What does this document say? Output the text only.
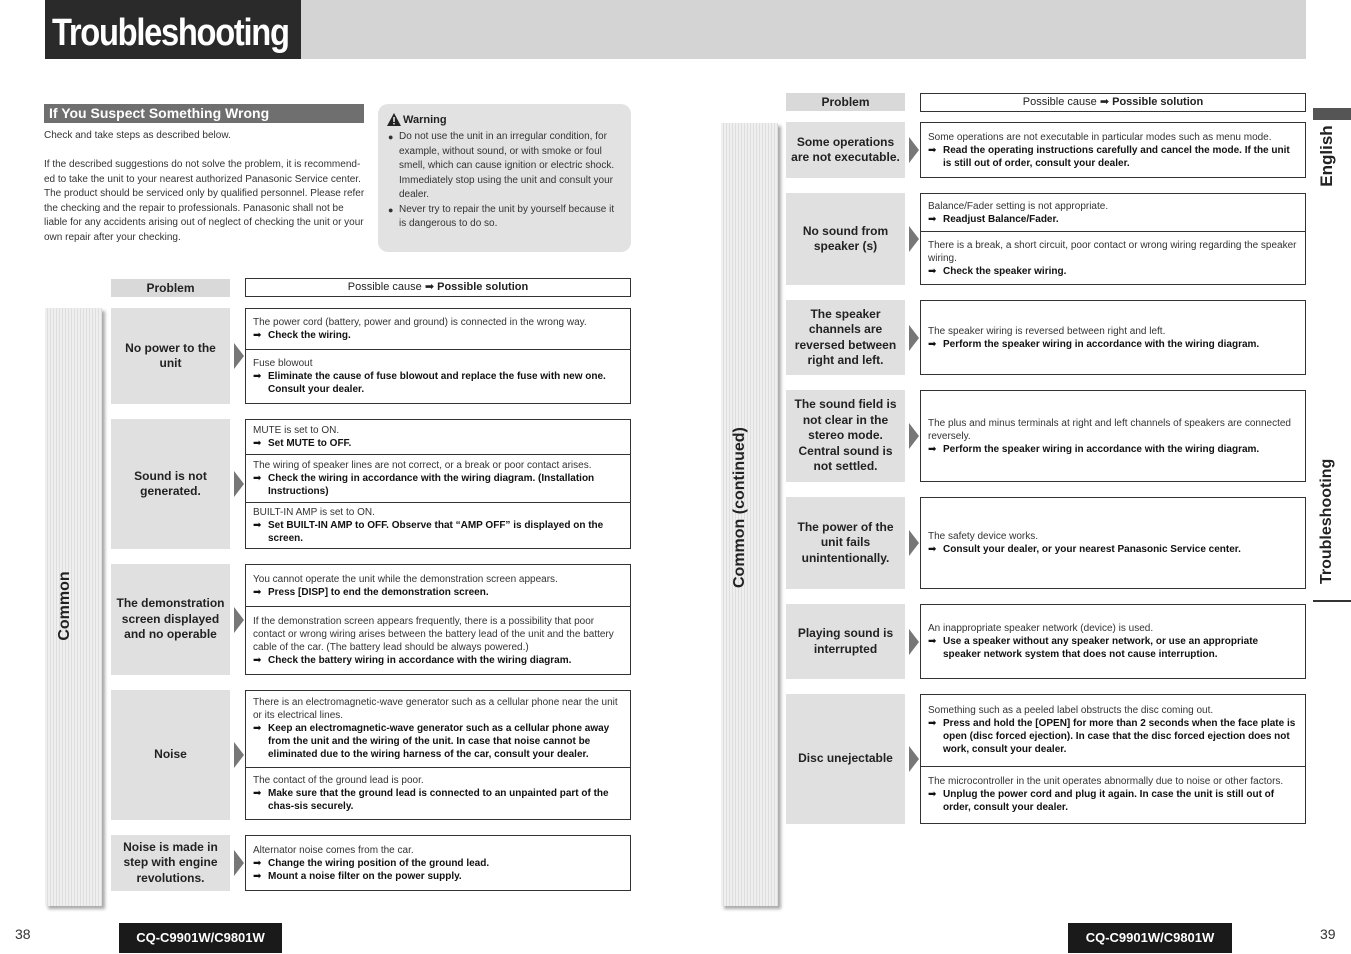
Troubleshooting
If You Suspect Something Wrong
Check and take steps as described below.
If the described suggestions do not solve the problem, it is recommend-ed to take the unit to your nearest authorized Panasonic Service center. The product should be serviced only by qualified personnel. Please refer the checking and the repair to professionals. Panasonic shall not be liable for any accidents arising out of neglect of checking the unit or your own repair after your checking.
Warning
● Do not use the unit in an irregular condition, for example, without sound, or with smoke or foul smell, which can cause ignition or electric shock. Immediately stop using the unit and consult your dealer.
● Never try to repair the unit by yourself because it is dangerous to do so.
Problem	Possible cause ➡ Possible solution
Common
No power to the unit
The power cord (battery, power and ground) is connected in the wrong way.
➡ Check the wiring.
Fuse blowout
➡ Eliminate the cause of fuse blowout and replace the fuse with new one. Consult your dealer.
Sound is not generated.
MUTE is set to ON.
➡ Set MUTE to OFF.
The wiring of speaker lines are not correct, or a break or poor contact arises.
➡ Check the wiring in accordance with the wiring diagram. (Installation Instructions)
BUILT-IN AMP is set to ON.
➡ Set BUILT-IN AMP to OFF. Observe that “AMP OFF” is displayed on the screen.
The demonstration screen displayed and no operable
You cannot operate the unit while the demonstration screen appears.
➡ Press [DISP] to end the demonstration screen.
If the demonstration screen appears frequently, there is a possibility that poor contact or wrong wiring arises between the battery lead of the unit and the battery cable of the car. (The battery lead should be always powered.)
➡ Check the battery wiring in accordance with the wiring diagram.
Noise
There is an electromagnetic-wave generator such as a cellular phone near the unit or its electrical lines.
➡ Keep an electromagnetic-wave generator such as a cellular phone away from the unit and the wiring of the unit. In case that noise cannot be eliminated due to the wiring harness of the car, consult your dealer.
The contact of the ground lead is poor.
➡ Make sure that the ground lead is connected to an unpainted part of the chas-sis securely.
Noise is made in step with engine revolutions.
Alternator noise comes from the car.
➡ Change the wiring position of the ground lead.
➡ Mount a noise filter on the power supply.
Problem	Possible cause ➡ Possible solution
Common (continued)
Some operations are not executable.
Some operations are not executable in particular modes such as menu mode.
➡ Read the operating instructions carefully and cancel the mode. If the unit is still out of order, consult your dealer.
No sound from speaker (s)
Balance/Fader setting is not appropriate.
➡ Readjust Balance/Fader.
There is a break, a short circuit, poor contact or wrong wiring regarding the speaker wiring.
➡ Check the speaker wiring.
The speaker channels are reversed between right and left.
The speaker wiring is reversed between right and left.
➡ Perform the speaker wiring in accordance with the wiring diagram.
The sound field is not clear in the stereo mode. Central sound is not settled.
The plus and minus terminals at right and left channels of speakers are connected reversely.
➡ Perform the speaker wiring in accordance with the wiring diagram.
The power of the unit fails unintentionally.
The safety device works.
➡ Consult your dealer, or your nearest Panasonic Service center.
Playing sound is interrupted
An inappropriate speaker network (device) is used.
➡ Use a speaker without any speaker network, or use an appropriate speaker network system that does not cause interruption.
Disc unejectable
Something such as a peeled label obstructs the disc coming out.
➡ Press and hold the [OPEN] for more than 2 seconds when the face plate is open (disc forced ejection). In case that the disc forced ejection does not work, consult your dealer.
The microcontroller in the unit operates abnormally due to noise or other factors.
➡ Unplug the power cord and plug it again. In case the unit is still out of order, consult your dealer.
English
Troubleshooting
38	CQ-C9901W/C9801W	CQ-C9901W/C9801W	39
